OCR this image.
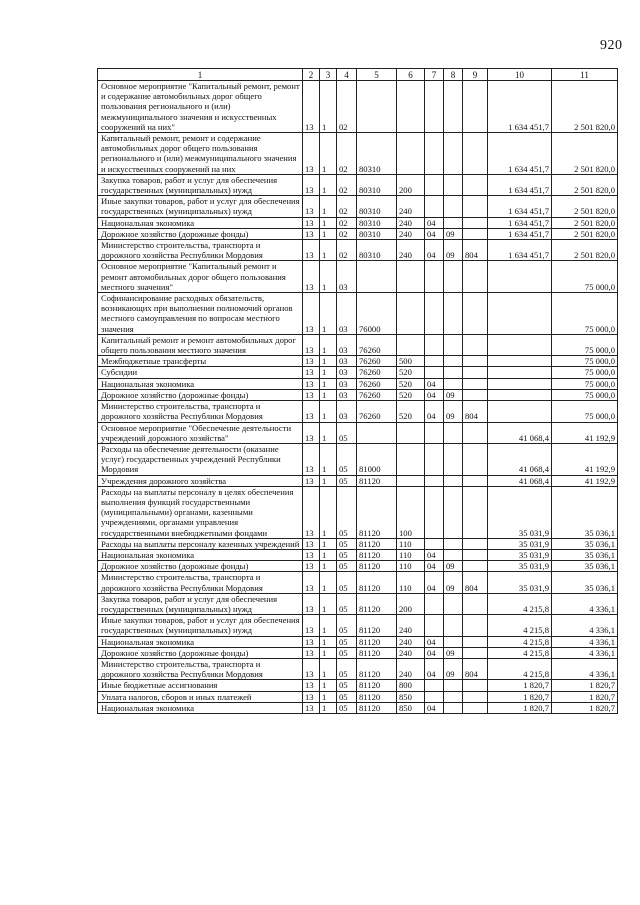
920
1	2	3	4	5	6	7	8	9	10	11
Основное мероприятие "Капитальный ремонт, ремонт и содержание автомобильных дорог общего пользования регионального и (или) межмуниципального значения и искусственных сооружений на них"	13	1	02						1 634 451,7	2 501 820,0
Капитальный ремонт, ремонт и содержание автомобильных дорог общего пользования регионального и (или) межмуниципального значения и искусственных сооружений на них	13	1	02	80310					1 634 451,7	2 501 820,0
Закупка товаров, работ и услуг для обеспечения государственных (муниципальных) нужд	13	1	02	80310	200				1 634 451,7	2 501 820,0
Иные закупки товаров, работ и услуг для обеспечения государственных (муниципальных) нужд	13	1	02	80310	240				1 634 451,7	2 501 820,0
Национальная экономика	13	1	02	80310	240	04			1 634 451,7	2 501 820,0
Дорожное хозяйство (дорожные фонды)	13	1	02	80310	240	04	09		1 634 451,7	2 501 820,0
Министерство строительства, транспорта и дорожного хозяйства Республики Мордовия	13	1	02	80310	240	04	09	804	1 634 451,7	2 501 820,0
Основное мероприятие "Капитальный ремонт и ремонт автомобильных дорог общего пользования местного значения"	13	1	03							75 000,0
Софинансирование расходных обязательств, возникающих при выполнении полномочий органов местного самоуправления по вопросам местного значения	13	1	03	76000						75 000,0
Капитальный ремонт и ремонт автомобильных дорог общего пользования местного значения	13	1	03	76260						75 000,0
Межбюджетные трансферты	13	1	03	76260	500					75 000,0
Субсидии	13	1	03	76260	520					75 000,0
Национальная экономика	13	1	03	76260	520	04				75 000,0
Дорожное хозяйство (дорожные фонды)	13	1	03	76260	520	04	09			75 000,0
Министерство строительства, транспорта и дорожного хозяйства Республики Мордовия	13	1	03	76260	520	04	09	804		75 000,0
Основное мероприятие "Обеспечение деятельности учреждений дорожного хозяйства"	13	1	05						41 068,4	41 192,9
Расходы на обеспечение деятельности (оказание услуг) государственных учреждений Республики Мордовия	13	1	05	81000					41 068,4	41 192,9
Учреждения дорожного хозяйства	13	1	05	81120					41 068,4	41 192,9
Расходы на выплаты персоналу в целях обеспечения выполнения функций государственными (муниципальными) органами, казенными учреждениями, органами управления государственными внебюджетными фондами	13	1	05	81120	100				35 031,9	35 036,1
Расходы на выплаты персоналу казенных учреждений	13	1	05	81120	110				35 031,9	35 036,1
Национальная экономика	13	1	05	81120	110	04			35 031,9	35 036,1
Дорожное хозяйство (дорожные фонды)	13	1	05	81120	110	04	09		35 031,9	35 036,1
Министерство строительства, транспорта и дорожного хозяйства Республики Мордовия	13	1	05	81120	110	04	09	804	35 031,9	35 036,1
Закупка товаров, работ и услуг для обеспечения государственных (муниципальных) нужд	13	1	05	81120	200				4 215,8	4 336,1
Иные закупки товаров, работ и услуг для обеспечения государственных (муниципальных) нужд	13	1	05	81120	240				4 215,8	4 336,1
Национальная экономика	13	1	05	81120	240	04			4 215,8	4 336,1
Дорожное хозяйство (дорожные фонды)	13	1	05	81120	240	04	09		4 215,8	4 336,1
Министерство строительства, транспорта и дорожного хозяйства Республики Мордовия	13	1	05	81120	240	04	09	804	4 215,8	4 336,1
Иные бюджетные ассигнования	13	1	05	81120	800				1 820,7	1 820,7
Уплата налогов, сборов и иных платежей	13	1	05	81120	850				1 820,7	1 820,7
Национальная экономика	13	1	05	81120	850	04			1 820,7	1 820,7
